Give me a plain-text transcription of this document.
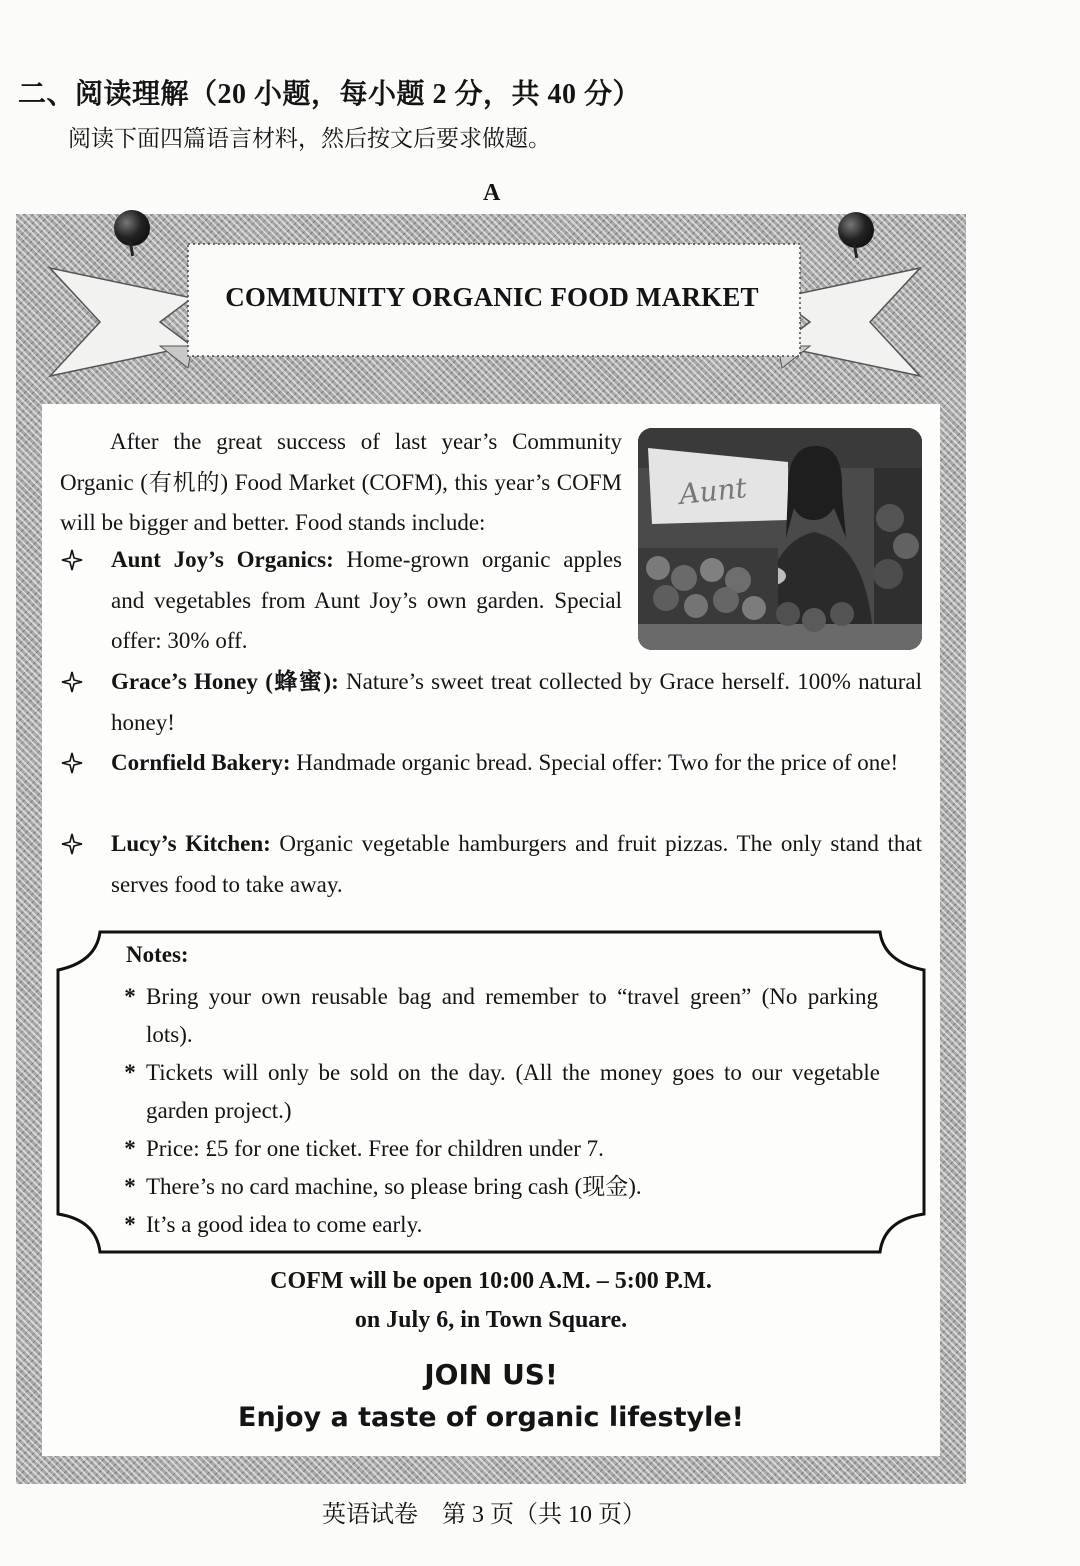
二、阅读理解（20 小题，每小题 2 分，共 40 分）
阅读下面四篇语言材料，然后按文后要求做题。
A
COMMUNITY ORGANIC FOOD MARKET
After the great success of last year’s Community Organic (有机的) Food Market (COFM), this year’s COFM will be bigger and better. Food stands include:
Aunt
Aunt Joy’s Organics: Home-grown organic apples and vegetables from Aunt Joy’s own garden. Special offer: 30% off.
Grace’s Honey (蜂蜜): Nature’s sweet treat collected by Grace herself. 100% natural honey!
Cornfield Bakery: Handmade organic bread. Special offer: Two for the price of one!
Lucy’s Kitchen: Organic vegetable hamburgers and fruit pizzas. The only stand that serves food to take away.
Notes:
* Bring your own reusable bag and remember to “travel green” (No parking lots).
* Tickets will only be sold on the day. (All the money goes to our vegetable garden project.)
* Price: £5 for one ticket. Free for children under 7.
* There’s no card machine, so please bring cash (现金).
* It’s a good idea to come early.
COFM will be open 10:00 A.M. – 5:00 P.M.
on July 6, in Town Square.
JOIN US!
Enjoy a taste of organic lifestyle!
英语试卷　第 3 页（共 10 页）
